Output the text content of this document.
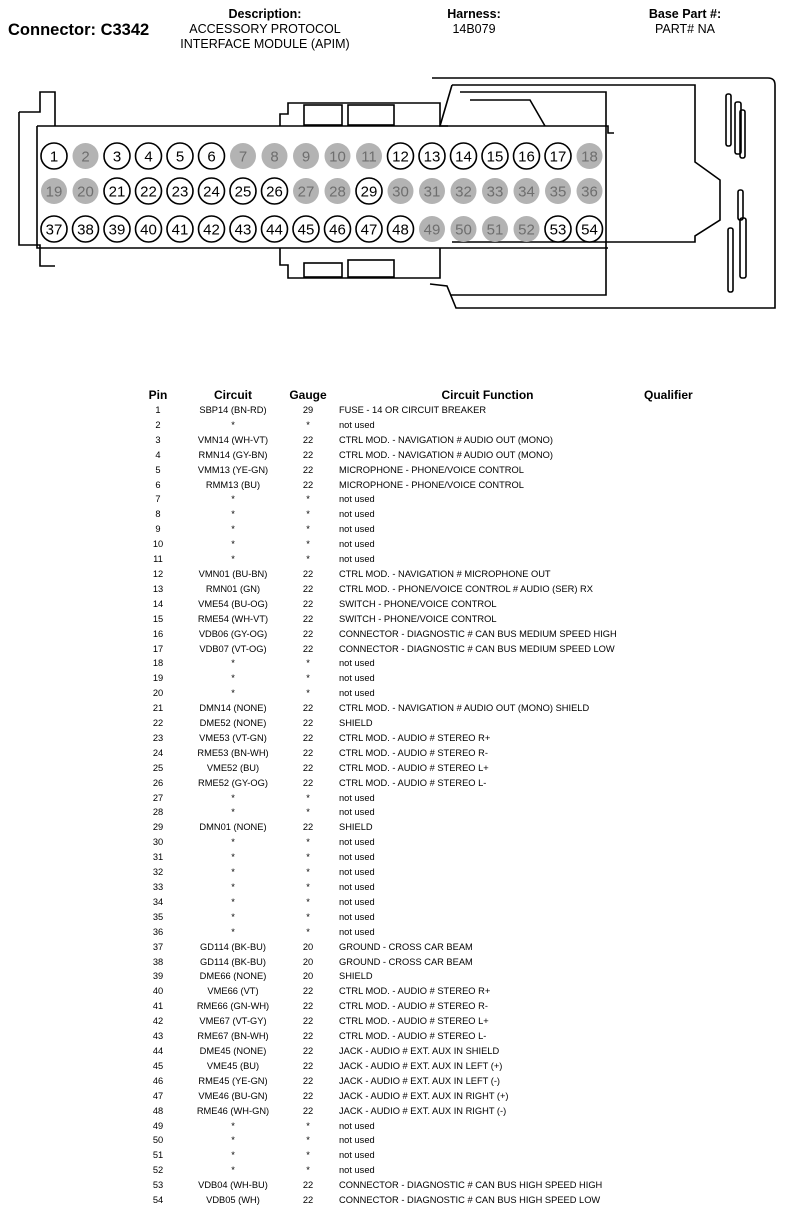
Connector: C3342
Description:
ACCESSORY PROTOCOL
INTERFACE MODULE (APIM)
Harness:
14B079
Base Part #:
PART# NA
1 2 3 4 5 6 7 8 9 10 11 12 13 14 15 16 17 18
19 20 21 22 23 24 25 26 27 28 29 30 31 32 33 34 35 36
37 38 39 40 41 42 43 44 45 46 47 48 49 50 51 52 53 54
Pin	Circuit	Gauge	Circuit Function	Qualifier
1	SBP14 (BN-RD)	29	FUSE - 14 OR CIRCUIT BREAKER	
2	*	*	not used	
3	VMN14 (WH-VT)	22	CTRL MOD. - NAVIGATION # AUDIO OUT (MONO)	
4	RMN14 (GY-BN)	22	CTRL MOD. - NAVIGATION # AUDIO OUT (MONO)	
5	VMM13 (YE-GN)	22	MICROPHONE - PHONE/VOICE CONTROL	
6	RMM13 (BU)	22	MICROPHONE - PHONE/VOICE CONTROL	
7	*	*	not used	
8	*	*	not used	
9	*	*	not used	
10	*	*	not used	
11	*	*	not used	
12	VMN01 (BU-BN)	22	CTRL MOD. - NAVIGATION # MICROPHONE OUT	
13	RMN01 (GN)	22	CTRL MOD. - PHONE/VOICE CONTROL # AUDIO (SER) RX	
14	VME54 (BU-OG)	22	SWITCH - PHONE/VOICE CONTROL	
15	RME54 (WH-VT)	22	SWITCH - PHONE/VOICE CONTROL	
16	VDB06 (GY-OG)	22	CONNECTOR - DIAGNOSTIC # CAN BUS MEDIUM SPEED HIGH	
17	VDB07 (VT-OG)	22	CONNECTOR - DIAGNOSTIC # CAN BUS MEDIUM SPEED LOW	
18	*	*	not used	
19	*	*	not used	
20	*	*	not used	
21	DMN14 (NONE)	22	CTRL MOD. - NAVIGATION # AUDIO OUT (MONO) SHIELD	
22	DME52 (NONE)	22	SHIELD	
23	VME53 (VT-GN)	22	CTRL MOD. - AUDIO # STEREO R+	
24	RME53 (BN-WH)	22	CTRL MOD. - AUDIO # STEREO R-	
25	VME52 (BU)	22	CTRL MOD. - AUDIO # STEREO L+	
26	RME52 (GY-OG)	22	CTRL MOD. - AUDIO # STEREO L-	
27	*	*	not used	
28	*	*	not used	
29	DMN01 (NONE)	22	SHIELD	
30	*	*	not used	
31	*	*	not used	
32	*	*	not used	
33	*	*	not used	
34	*	*	not used	
35	*	*	not used	
36	*	*	not used	
37	GD114 (BK-BU)	20	GROUND - CROSS CAR BEAM	
38	GD114 (BK-BU)	20	GROUND - CROSS CAR BEAM	
39	DME66 (NONE)	20	SHIELD	
40	VME66 (VT)	22	CTRL MOD. - AUDIO # STEREO R+	
41	RME66 (GN-WH)	22	CTRL MOD. - AUDIO # STEREO R-	
42	VME67 (VT-GY)	22	CTRL MOD. - AUDIO # STEREO L+	
43	RME67 (BN-WH)	22	CTRL MOD. - AUDIO # STEREO L-	
44	DME45 (NONE)	22	JACK - AUDIO # EXT. AUX IN SHIELD	
45	VME45 (BU)	22	JACK - AUDIO # EXT. AUX IN LEFT (+)	
46	RME45 (YE-GN)	22	JACK - AUDIO # EXT. AUX IN LEFT (-)	
47	VME46 (BU-GN)	22	JACK - AUDIO # EXT. AUX IN RIGHT (+)	
48	RME46 (WH-GN)	22	JACK - AUDIO # EXT. AUX IN RIGHT (-)	
49	*	*	not used	
50	*	*	not used	
51	*	*	not used	
52	*	*	not used	
53	VDB04 (WH-BU)	22	CONNECTOR - DIAGNOSTIC # CAN BUS HIGH SPEED HIGH	
54	VDB05 (WH)	22	CONNECTOR - DIAGNOSTIC # CAN BUS HIGH SPEED LOW	
